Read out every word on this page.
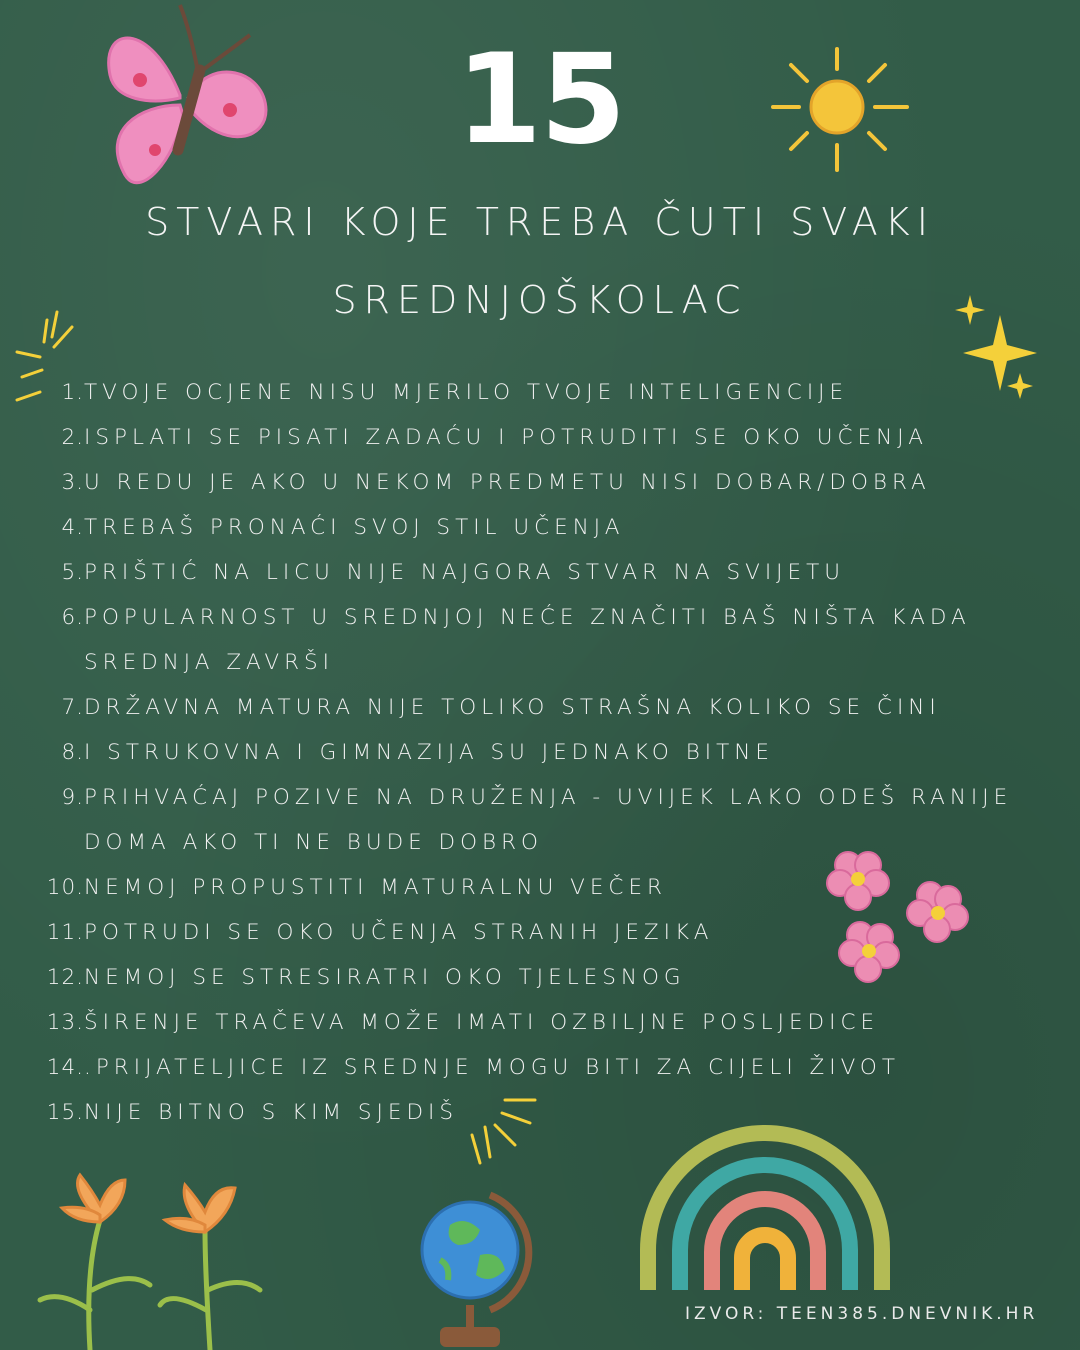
15
STVARI KOJE TREBA ČUTI SVAKI
SREDNJOŠKOLAC
1.TVOJE OCJENE NISU MJERILO TVOJE INTELIGENCIJE
2.ISPLATI SE PISATI ZADAĆU I POTRUDITI SE OKO UČENJA
3.U REDU JE AKO U NEKOM PREDMETU NISI DOBAR/DOBRA
4.TREBAŠ PRONAĆI SVOJ STIL UČENJA
5.PRIŠTIĆ NA LICU NIJE NAJGORA STVAR NA SVIJETU
6.POPULARNOST U SREDNJOJ NEĆE ZNAČITI BAŠ NIŠTA KADA SREDNJA ZAVRŠI
7.DRŽAVNA MATURA NIJE TOLIKO STRAŠNA KOLIKO SE ČINI
8.I STRUKOVNA I GIMNAZIJA SU JEDNAKO BITNE
9.PRIHVAĆAJ POZIVE NA DRUŽENJA - UVIJEK LAKO ODEŠ RANIJE DOMA AKO TI NE BUDE DOBRO
10.NEMOJ PROPUSTITI MATURALNU VEČER
11.POTRUDI SE OKO UČENJA STRANIH JEZIKA
12.NEMOJ SE STRESIRATRI OKO TJELESNOG
13.ŠIRENJE TRAČEVA MOŽE IMATI OZBILJNE POSLJEDICE
14..PRIJATELJICE IZ SREDNJE MOGU BITI ZA CIJELI ŽIVOT
15.NIJE BITNO S KIM SJEDIŠ
IZVOR: TEEN385.DNEVNIK.HR
